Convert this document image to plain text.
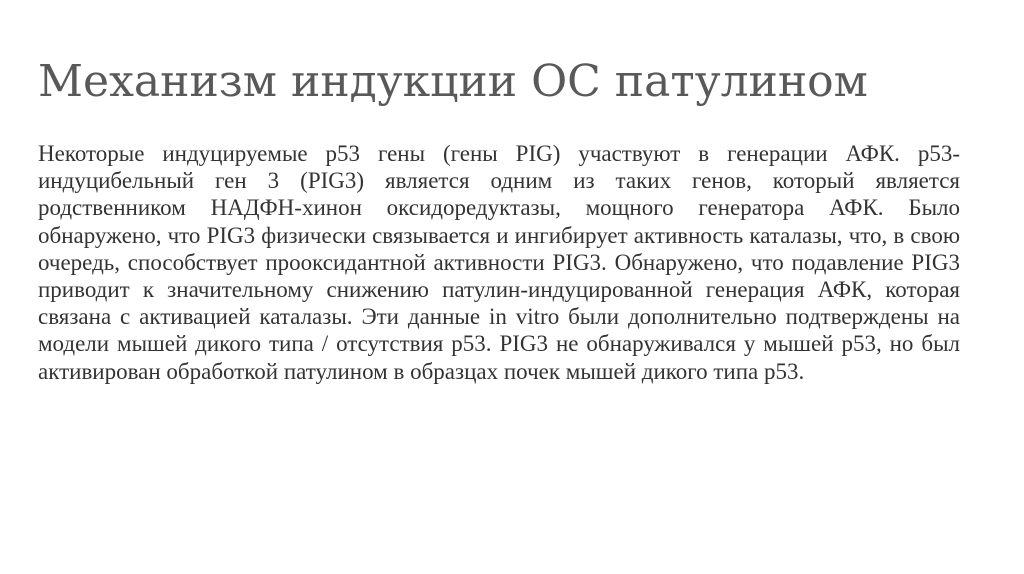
Механизм индукции ОС патулином

Некоторые индуцируемые p53 гены (гены PIG) участвуют в генерации АФК. p53-индуцибельный ген 3 (PIG3) является одним из таких генов, который является родственником НАДФН-хинон оксидоредуктазы, мощного генератора АФК. Было обнаружено, что PIG3 физически связывается и ингибирует активность каталазы, что, в свою очередь, способствует прооксидантной активности PIG3. Обнаружено, что подавление PIG3 приводит к значительному снижению патулин-индуцированной генерация АФК, которая связана с активацией каталазы. Эти данные in vitro были дополнительно подтверждены на модели мышей дикого типа / отсутствия p53. PIG3 не обнаруживался у мышей p53, но был активирован обработкой патулином в образцах почек мышей дикого типа p53.
